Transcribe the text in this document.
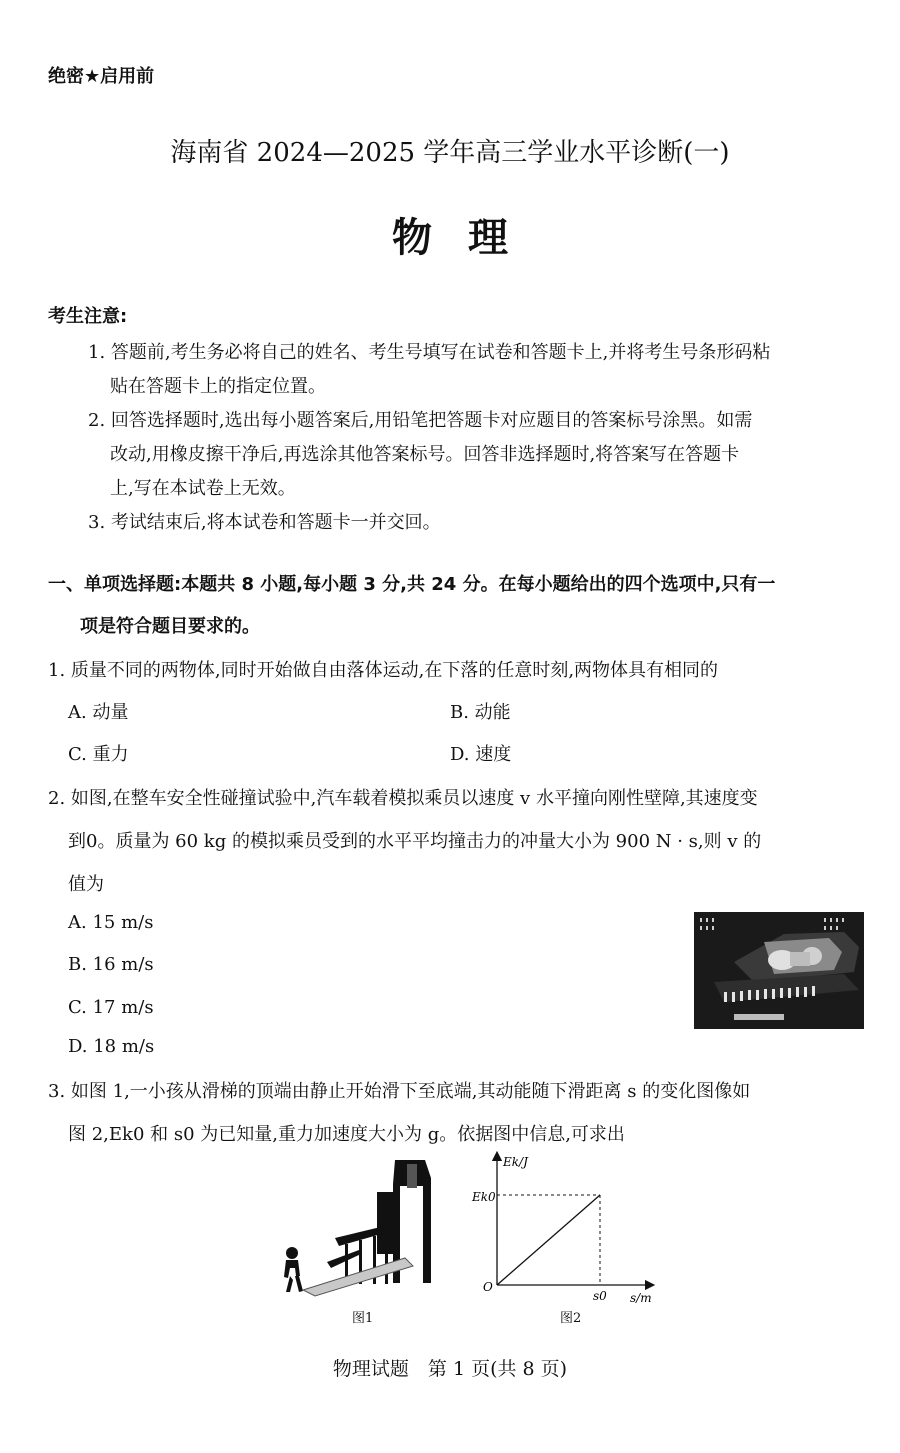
绝密★启用前
海南省 2024—2025 学年高三学业水平诊断(一)
物理
考生注意:
1. 答题前,考生务必将自己的姓名、考生号填写在试卷和答题卡上,并将考生号条形码粘
贴在答题卡上的指定位置。
2. 回答选择题时,选出每小题答案后,用铅笔把答题卡对应题目的答案标号涂黑。如需
改动,用橡皮擦干净后,再选涂其他答案标号。回答非选择题时,将答案写在答题卡
上,写在本试卷上无效。
3. 考试结束后,将本试卷和答题卡一并交回。
一、单项选择题:本题共 8 小题,每小题 3 分,共 24 分。在每小题给出的四个选项中,只有一
项是符合题目要求的。
1. 质量不同的两物体,同时开始做自由落体运动,在下落的任意时刻,两物体具有相同的
A. 动量	B. 动能
C. 重力	D. 速度
2. 如图,在整车安全性碰撞试验中,汽车载着模拟乘员以速度 v 水平撞向刚性壁障,其速度变
到0。质量为 60 kg 的模拟乘员受到的水平平均撞击力的冲量大小为 900 N · s,则 v 的
值为
A. 15 m/s
B. 16 m/s
C. 17 m/s
D. 18 m/s
3. 如图 1,一小孩从滑梯的顶端由静止开始滑下至底端,其动能随下滑距离 s 的变化图像如
图 2,Ek0 和 s0 为已知量,重力加速度大小为 g。依据图中信息,可求出
图1
Ek/J
Ek0
O
s0 s/m
图2
物理试题　第 1 页(共 8 页)
